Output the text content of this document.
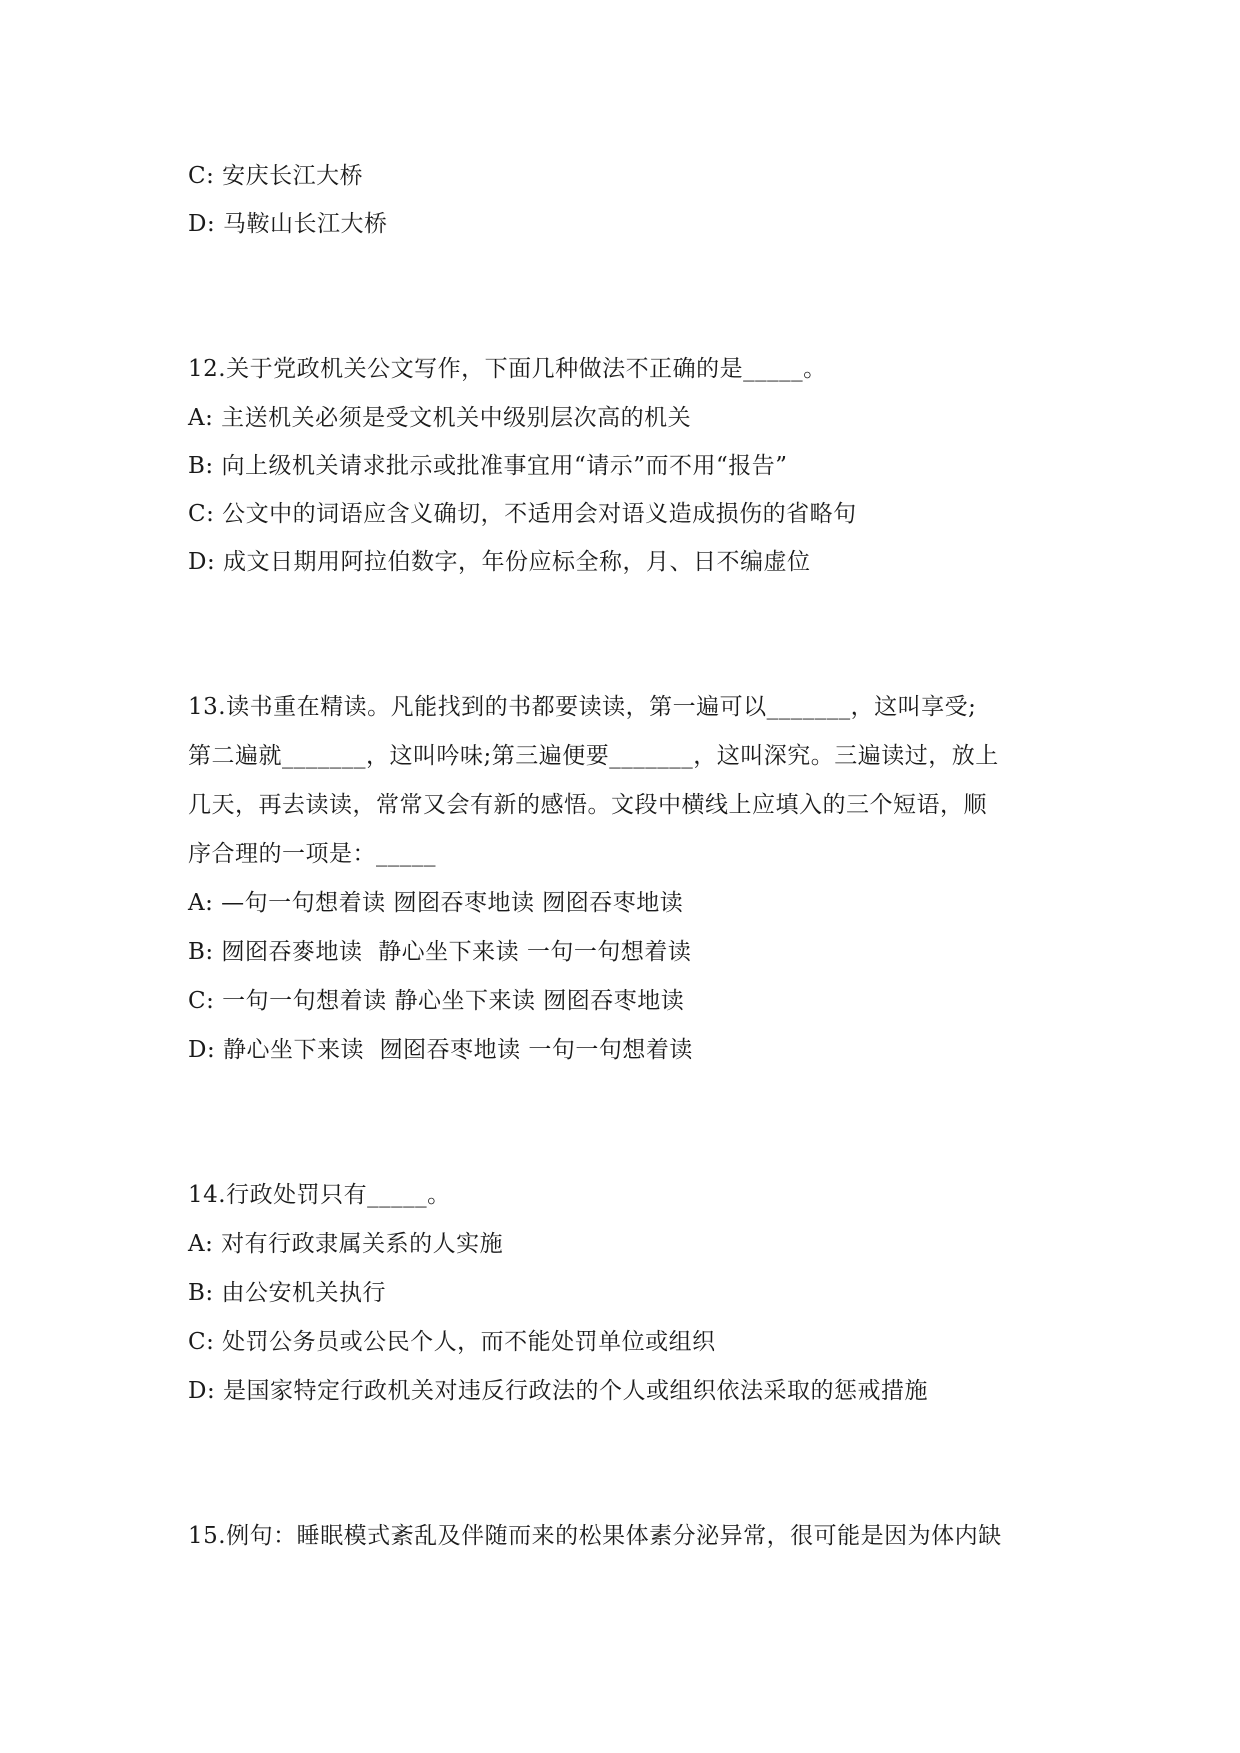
C: 安庆长江大桥
D: 马鞍山长江大桥
12.关于党政机关公文写作，下面几种做法不正确的是_____。
A: 主送机关必须是受文机关中级别层次高的机关
B: 向上级机关请求批示或批准事宜用“请示”而不用“报告”
C: 公文中的词语应含义确切，不适用会对语义造成损伤的省略句
D: 成文日期用阿拉伯数字，年份应标全称，月、日不编虚位
13.读书重在精读。凡能找到的书都要读读，第一遍可以_______，这叫享受;
第二遍就_______，这叫吟味;第三遍便要_______，这叫深究。三遍读过，放上
几天，再去读读，常常又会有新的感悟。文段中横线上应填入的三个短语，顺
序合理的一项是：_____
A: —句一句想着读 囫囵吞枣地读 囫囵吞枣地读
B: 囫囵吞麥地读  静心坐下来读 一句一句想着读
C: 一句一句想着读 静心坐下来读 囫囵吞枣地读
D: 静心坐下来读  囫囵吞枣地读 一句一句想着读
14.行政处罚只有_____。
A: 对有行政隶属关系的人实施
B: 由公安机关执行
C: 处罚公务员或公民个人，而不能处罚单位或组织
D: 是国家特定行政机关对违反行政法的个人或组织依法采取的惩戒措施
15.例句：睡眠模式紊乱及伴随而来的松果体素分泌异常，很可能是因为体内缺
